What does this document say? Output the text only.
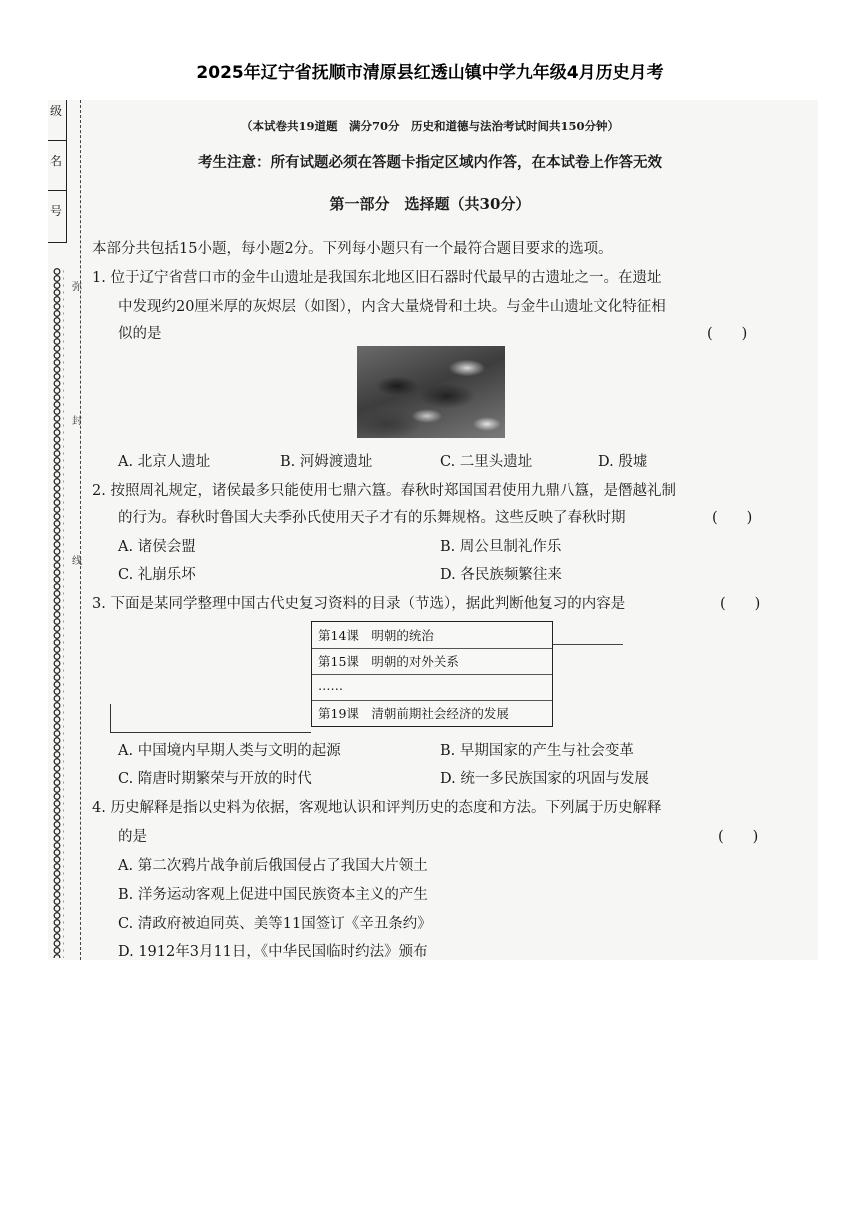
2025年辽宁省抚顺市清原县红透山镇中学九年级4月历史月考
级
名
号
弥
封
线
（本试卷共19道题　满分70分　历史和道德与法治考试时间共150分钟）
考生注意：所有试题必须在答题卡指定区域内作答，在本试卷上作答无效
第一部分　选择题（共30分）
本部分共包括15小题，每小题2分。下列每小题只有一个最符合题目要求的选项。
1. 位于辽宁省营口市的金牛山遗址是我国东北地区旧石器时代最早的古遗址之一。在遗址
中发现约20厘米厚的灰烬层（如图），内含大量烧骨和土块。与金牛山遗址文化特征相
似的是	(　　)
A. 北京人遗址	B. 河姆渡遗址	C. 二里头遗址	D. 殷墟
2. 按照周礼规定，诸侯最多只能使用七鼎六簋。春秋时郑国国君使用九鼎八簋，是僭越礼制
的行为。春秋时鲁国大夫季孙氏使用天子才有的乐舞规格。这些反映了春秋时期	(　　)
A. 诸侯会盟	B. 周公旦制礼作乐
C. 礼崩乐坏	D. 各民族频繁往来
3. 下面是某同学整理中国古代史复习资料的目录（节选），据此判断他复习的内容是	(　　)
第14课　明朝的统治
第15课　明朝的对外关系
……
第19课　清朝前期社会经济的发展
A. 中国境内早期人类与文明的起源	B. 早期国家的产生与社会变革
C. 隋唐时期繁荣与开放的时代	D. 统一多民族国家的巩固与发展
4. 历史解释是指以史料为依据，客观地认识和评判历史的态度和方法。下列属于历史解释
的是	(　　)
A. 第二次鸦片战争前后俄国侵占了我国大片领土
B. 洋务运动客观上促进中国民族资本主义的产生
C. 清政府被迫同英、美等11国签订《辛丑条约》
D. 1912年3月11日，《中华民国临时约法》颁布
